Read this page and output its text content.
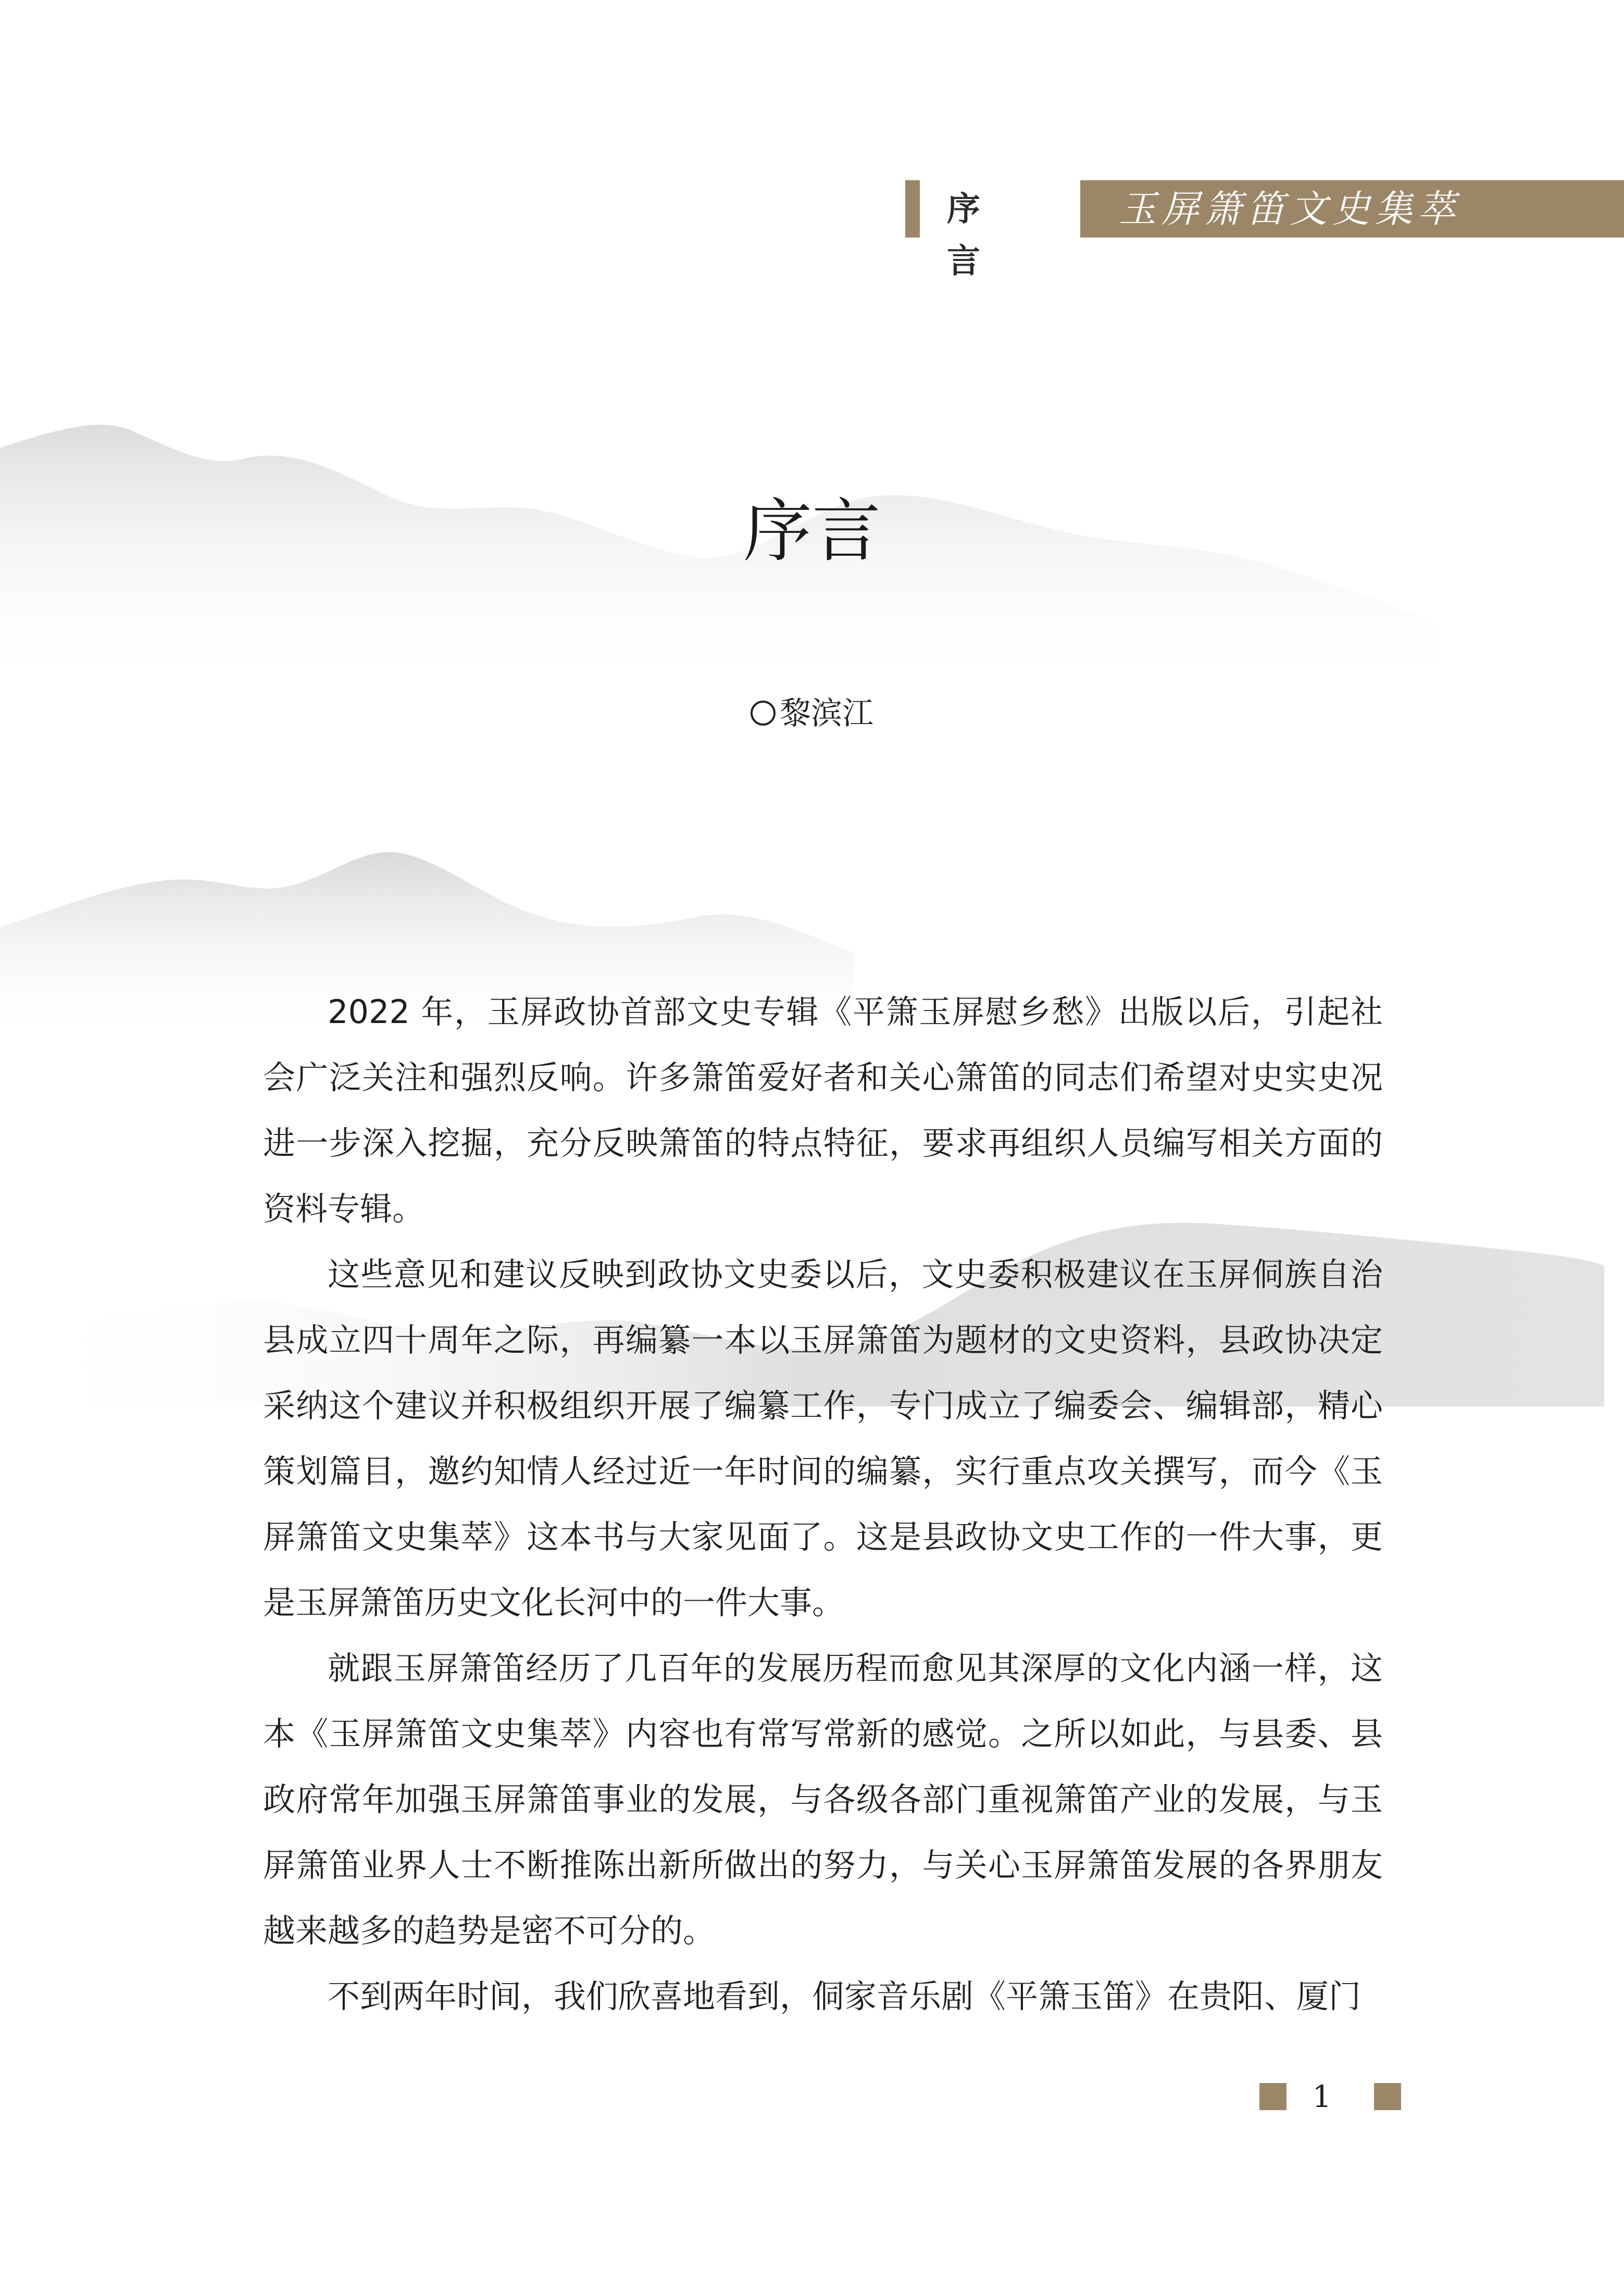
序 言
玉屏箫笛文史集萃
序言
黎滨江

2022 年，玉屏政协首部文史专辑《平箫玉屏慰乡愁》出版以后，引起社会广泛关注和强烈反响。许多箫笛爱好者和关心箫笛的同志们希望对史实史况进一步深入挖掘，充分反映箫笛的特点特征，要求再组织人员编写相关方面的资料专辑。

这些意见和建议反映到政协文史委以后，文史委积极建议在玉屏侗族自治县成立四十周年之际，再编纂一本以玉屏箫笛为题材的文史资料，县政协决定采纳这个建议并积极组织开展了编纂工作，专门成立了编委会、编辑部，精心策划篇目，邀约知情人经过近一年时间的编纂，实行重点攻关撰写，而今《玉屏箫笛文史集萃》这本书与大家见面了。这是县政协文史工作的一件大事，更是玉屏箫笛历史文化长河中的一件大事。

就跟玉屏箫笛经历了几百年的发展历程而愈见其深厚的文化内涵一样，这本《玉屏箫笛文史集萃》内容也有常写常新的感觉。之所以如此，与县委、县政府常年加强玉屏箫笛事业的发展，与各级各部门重视箫笛产业的发展，与玉屏箫笛业界人士不断推陈出新所做出的努力，与关心玉屏箫笛发展的各界朋友越来越多的趋势是密不可分的。

不到两年时间，我们欣喜地看到，侗家音乐剧《平箫玉笛》在贵阳、厦门

1
